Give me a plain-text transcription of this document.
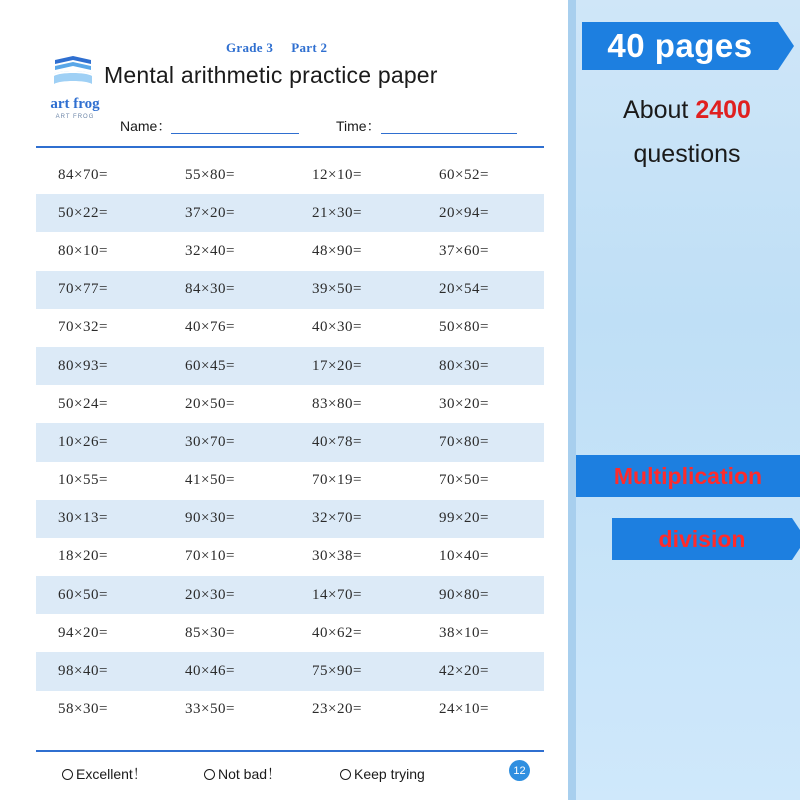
Grade 3 Part 2
Mental arithmetic practice paper
art frog
ART FROG
Name：	Time：
84×70=	55×80=	12×10=	60×52=
50×22=	37×20=	21×30=	20×94=
80×10=	32×40=	48×90=	37×60=
70×77=	84×30=	39×50=	20×54=
70×32=	40×76=	40×30=	50×80=
80×93=	60×45=	17×20=	80×30=
50×24=	20×50=	83×80=	30×20=
10×26=	30×70=	40×78=	70×80=
10×55=	41×50=	70×19=	70×50=
30×13=	90×30=	32×70=	99×20=
18×20=	70×10=	30×38=	10×40=
60×50=	20×30=	14×70=	90×80=
94×20=	85×30=	40×62=	38×10=
98×40=	40×46=	75×90=	42×20=
58×30=	33×50=	23×20=	24×10=
Excellent！	Not bad！	Keep trying	12
40 pages
About 2400
questions
Multiplication
division
